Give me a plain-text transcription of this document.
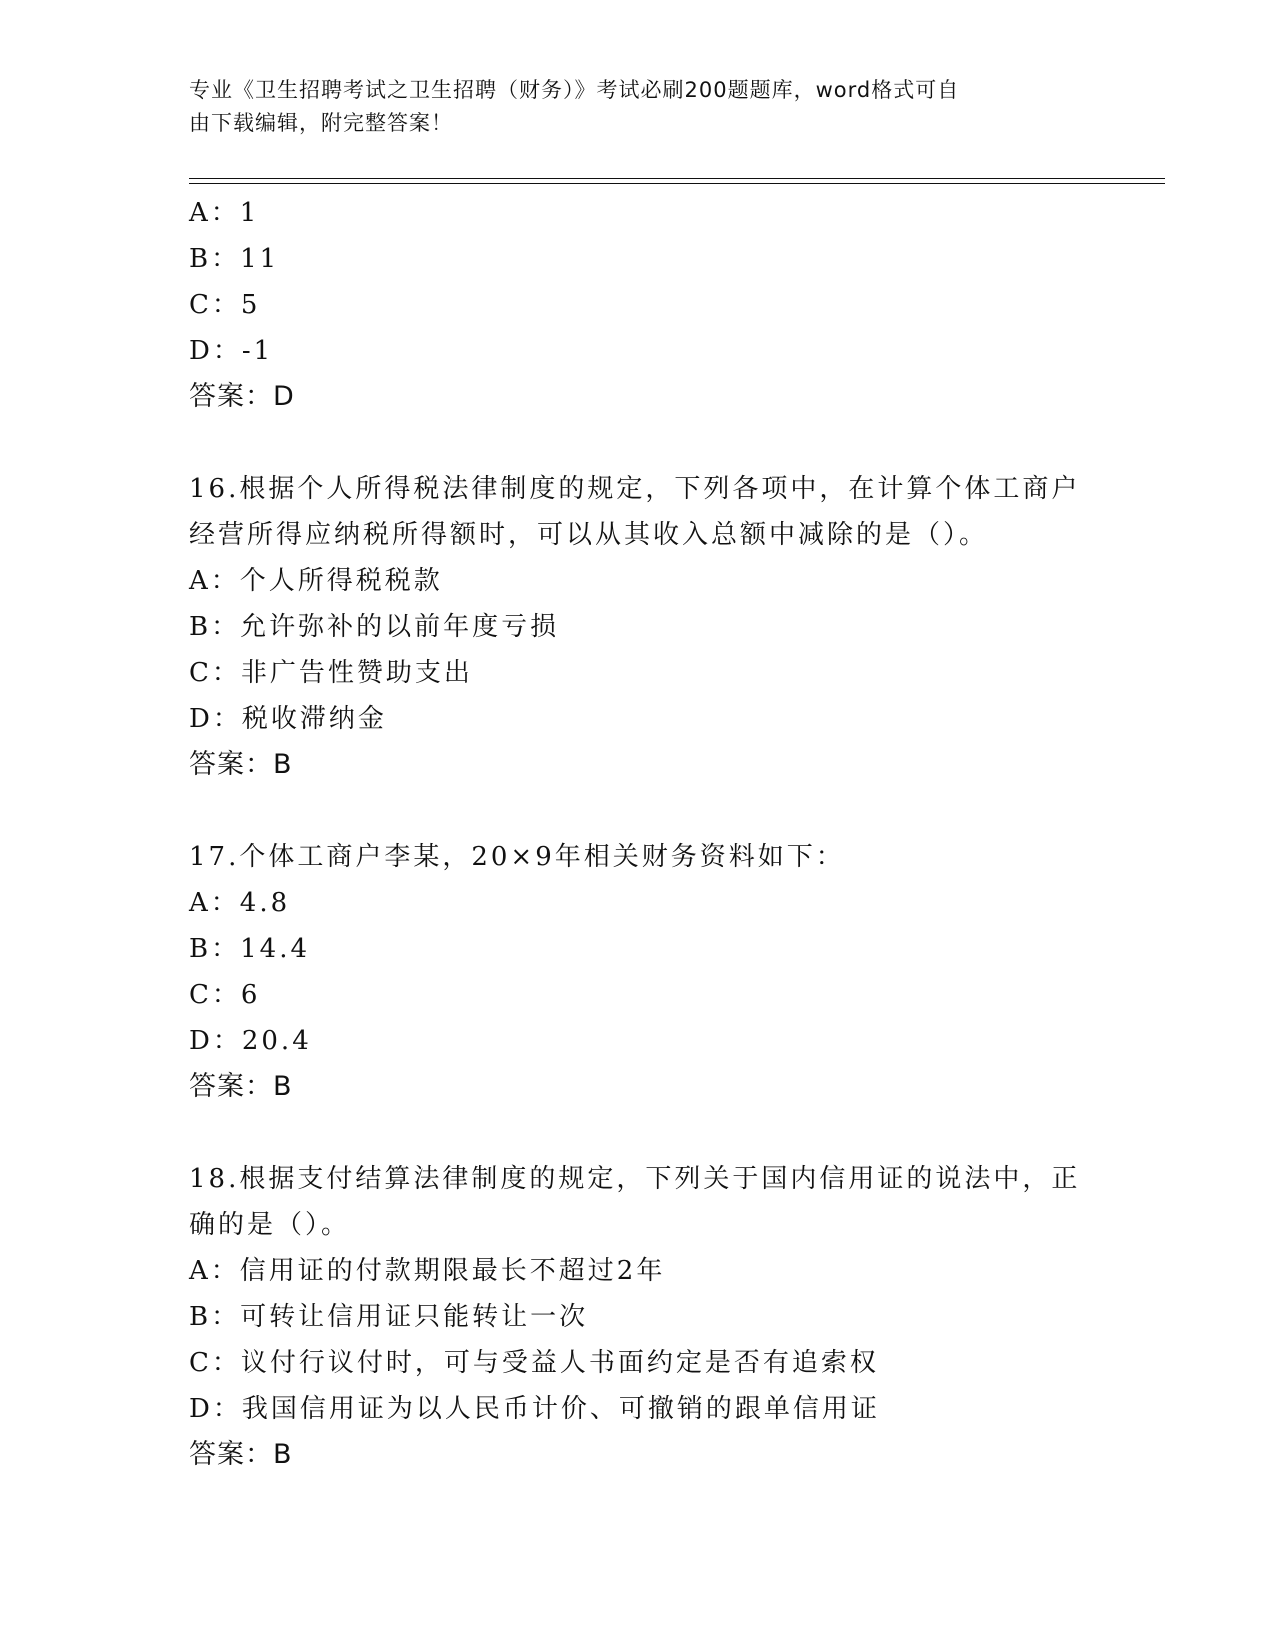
专业《卫生招聘考试之卫生招聘（财务）》考试必刷200题题库，word格式可自
由下载编辑，附完整答案！
A：1
B：11
C：5
D：-1
答案：D
16.根据个人所得税法律制度的规定，下列各项中，在计算个体工商户
经营所得应纳税所得额时，可以从其收入总额中减除的是（）。
A：个人所得税税款
B：允许弥补的以前年度亏损
C：非广告性赞助支出
D：税收滞纳金
答案：B
17.个体工商户李某，20×9年相关财务资料如下：
A：4.8
B：14.4
C：6
D：20.4
答案：B
18.根据支付结算法律制度的规定，下列关于国内信用证的说法中，正
确的是（）。
A：信用证的付款期限最长不超过2年
B：可转让信用证只能转让一次
C：议付行议付时，可与受益人书面约定是否有追索权
D：我国信用证为以人民币计价、可撤销的跟单信用证
答案：B
